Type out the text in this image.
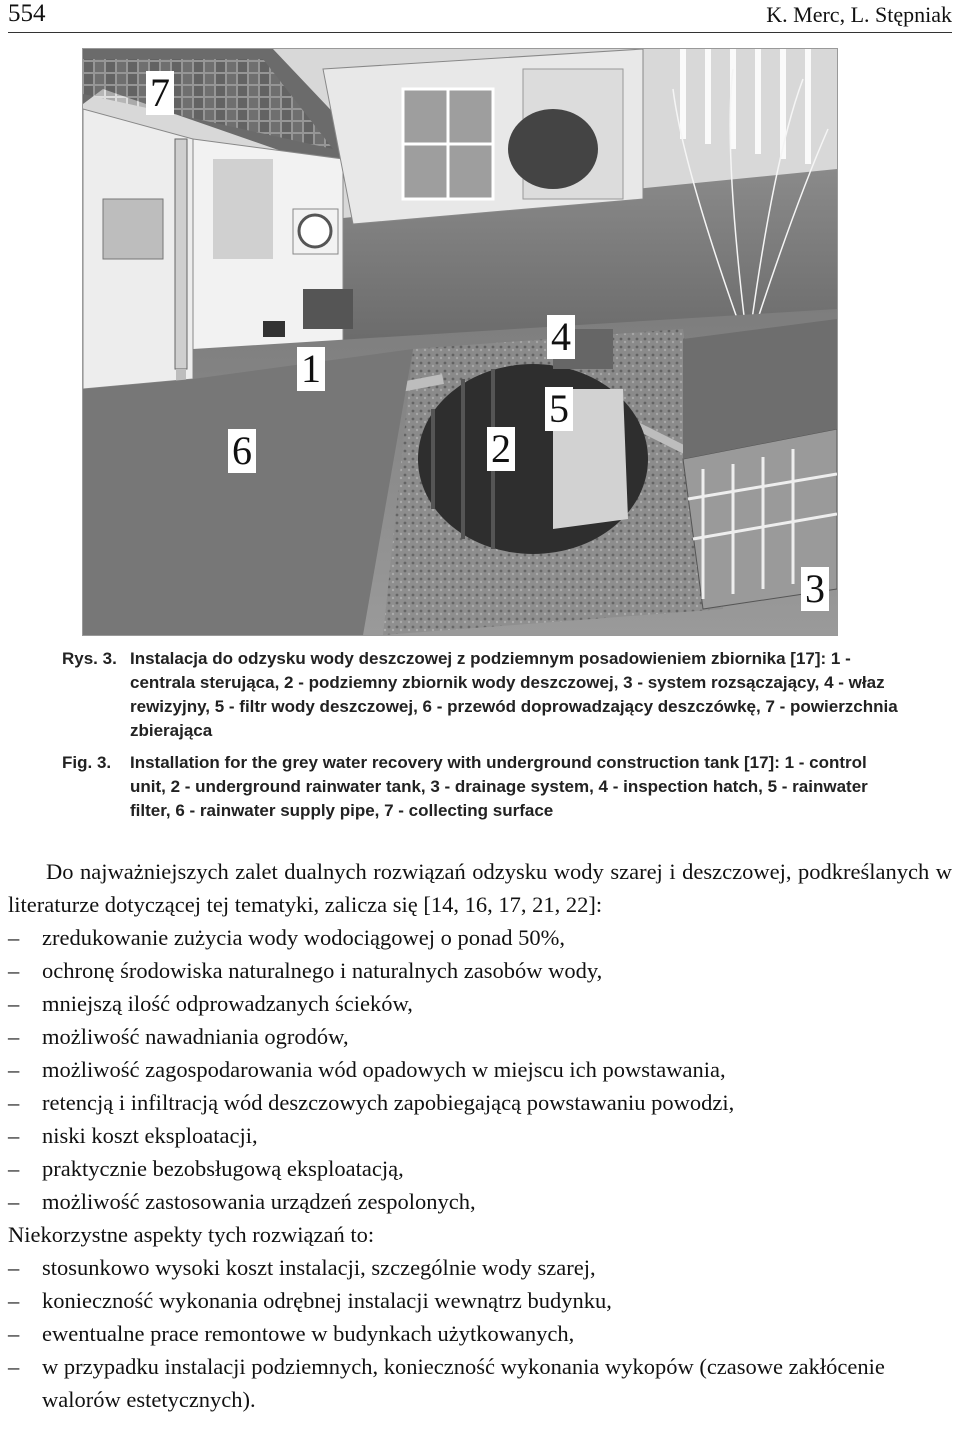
554	K. Merc, L. Stępniak
7
4
1
5
2
6
3
Rys. 3. Instalacja do odzysku wody deszczowej z podziemnym posadowieniem zbiornika [17]: 1 - centrala sterująca, 2 - podziemny zbiornik wody deszczowej, 3 - system rozsączający, 4 - właz rewizyjny, 5 - filtr wody deszczowej, 6 - przewód doprowadzający deszczówkę, 7 - powierzchnia zbierająca
Fig. 3. Installation for the grey water recovery with underground construction tank [17]: 1 - control unit, 2 - underground rainwater tank, 3 - drainage system, 4 - inspection hatch, 5 - rainwater filter, 6 - rainwater supply pipe, 7 - collecting surface

Do najważniejszych zalet dualnych rozwiązań odzysku wody szarej i deszczowej, podkreślanych w literaturze dotyczącej tej tematyki, zalicza się [14, 16, 17, 21, 22]:

– zredukowanie zużycia wody wodociągowej o ponad 50%,
– ochronę środowiska naturalnego i naturalnych zasobów wody,
– mniejszą ilość odprowadzanych ścieków,
– możliwość nawadniania ogrodów,
– możliwość zagospodarowania wód opadowych w miejscu ich powstawania,
– retencją i infiltracją wód deszczowych zapobiegającą powstawaniu powodzi,
– niski koszt eksploatacji,
– praktycznie bezobsługową eksploatacją,
– możliwość zastosowania urządzeń zespolonych,

Niekorzystne aspekty tych rozwiązań to:

– stosunkowo wysoki koszt instalacji, szczególnie wody szarej,
– konieczność wykonania odrębnej instalacji wewnątrz budynku,
– ewentualne prace remontowe w budynkach użytkowanych,
– w przypadku instalacji podziemnych, konieczność wykonania wykopów (czasowe zakłócenie walorów estetycznych).
